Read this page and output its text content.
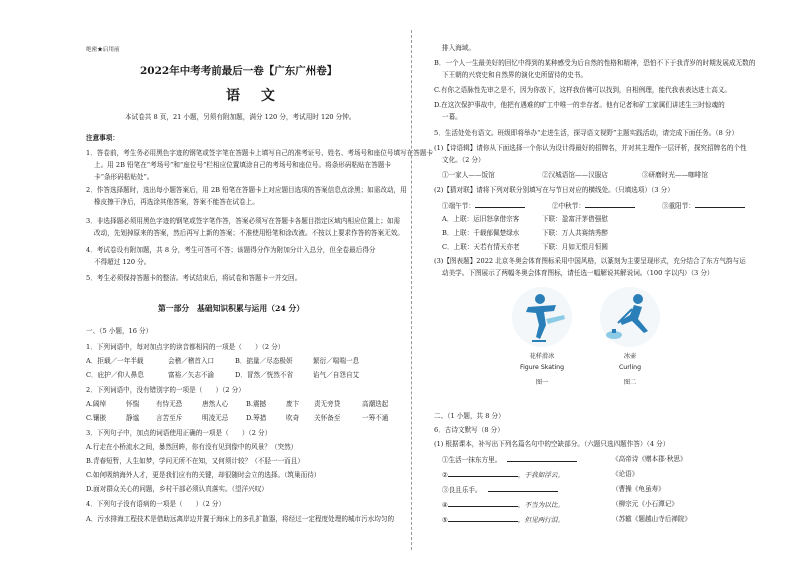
绝密★启用前
2022年中考考前最后一卷【广东广州卷】
语 文
本试卷共 8 页，21 小题，另须有附加题，满分 120 分，考试用时 120 分钟。
注意事项：
1．答卷前，考生务必用黑色字迹的钢笔或签字笔在答题卡上填写自己的准考证号、姓名、考场号和座位号填写在答题卡
上。用 2B 铅笔在“考场号”和“座位号”栏相应位置填涂自己的考场号和座位号。将条形码粘贴在答题卡
卡“条形码粘贴处”。
2．作答选择题时，选出每小题答案后，用 2B 铅笔在答题卡上对应题目选项的答案信息点涂黑；如需改动，用
橡皮擦干净后，再选涂其他答案，答案不能答在试卷上。
3．非选择题必须用黑色字迹的钢笔或签字笔作答，答案必须写在答题卡各题目指定区域内相应位置上；如需
改动，先划掉原来的答案，然后再写上新的答案；不准使用铅笔和涂改液。不按以上要求作答的答案无效。
4．考试卷设有附加题，共 8 分，考生可答可不答；该题得分作为附加分计入总分，但全卷最后得分
不得超过 120 分。
5．考生必须保持答题卡的整洁。考试结束后，将试卷和答题卡一并交回。
第一部分　基础知识积累与运用（24 分）
一、（5 小题，16 分）
1．下列词语中，每对加点字的读音都相同的一项是（　　）（2 分）
A．拒载／一年半载	会稽／稽首入口	B．掂量／尽态极妍	繁衍／喘喘一息
C．庇护／仰人鼻息	富裕／矢志不渝	D．冒然／恍然不省	谄气／自怨自艾
2．下列词语中，没有错别字的一项是（　　）（2 分）
A.阔绰	怀惴	有恃无恐	唐然人心	B.震撼	废卞 责无旁贷	高潮迭起
C.镶嵌	静谧	言苦至斥	明凌无忌	D.筹措	吹奇 关怀备至	一筹不通
3．下列句子中，加点的词语使用正确的一项是（　　）（2 分）
A.行走在小桥流水之间，暴然回眸，你有没有见到像中的风景？（突然）
B.青春短暂，人生如梦，学问无所不在知，又何须计较？（不胫一一而且）
C.如何吸纳海外人才，更是我们应有的关键，却很随时会立的选择。（筑巢而待）
D.面对群众关心的问题，乡村干部必须认真落实。（望洋兴叹）
4．下列句子没有语病的一项是（　　）（2 分）
A．污水排海工程技术是借助远离岸边并置于海床上的多孔扩散器，将经过一定程度处理的城市污水均匀的
排入海域。
B．一个人一生最美好的回忆中得到的某种感受为后自然的性格和精神，恐怕不下于我青岁的时期发展成无数的
下王朝的兴衰史和自然界的演化史所留待的史书。
C.有你之语脉性先审之是不，因为你放下，这样我仿佛可以找到，自相例理，能代我表表达进士高义。
D.在这次保护事故中，他把有遇难的旷工中唯一的幸存者。他有记者和矿工家属们讲述生三时惊魂的
一幕。
5．生活处处有语文。班级即将举办“走进生活，探寻语文视野”主题实践活动，请完成下面任务。（8 分）
(1)【诗语辑】请你从下面选择一个你认为设计得最好的招牌名，并对其主理作一层评析，探究招牌名的个性
文化。（2 分）
①一家人——饭馆	②汉城语馆——汉服店	③研磨时光——咖啡馆
(2)【猜对联】请将下列对联分别填写在与节日对应的横线处。（只填选项）（3 分）
①端午节：	②中秋节：	③重阳节：
A．上联：运旧怒拿借宗客	下联：盈富汗茅借强慰
B．上联：千载郁佩楚绿水	下联：万人共赛纳秀醉
C．上联：天若有情天亦老	下联：月如无恨月恒圆
(3)【图表题】2022 北京冬奥会体育图标采用中国风格，以篆刻为主要呈现形式，充分结合了东方气韵与运
动美学。下图展示了两幅冬奥会体育图标，请任选一幅解说其解说词。（100 字以内）（3 分）
花样滑冰
Figure Skating
图一
冰壶
Curling
图二
二、（1 小题，共 8 分）
6．古诗文默写（8 分）
(1) 根据课本，补写出下列名篇名句中的空缺部分。（六题只选四题作答）（4 分）
①生活一抹东方里。	《高帝诗《赠本郡·秋思》
②	，于我如浮云。	《论语》
③良且乐手。	（曹操《龟虽寿》
④	，不当为以比。	（柳宗元《小石潭记》
⑤	，但见两行泪。	（苏辙《题越山寺后禅院》
